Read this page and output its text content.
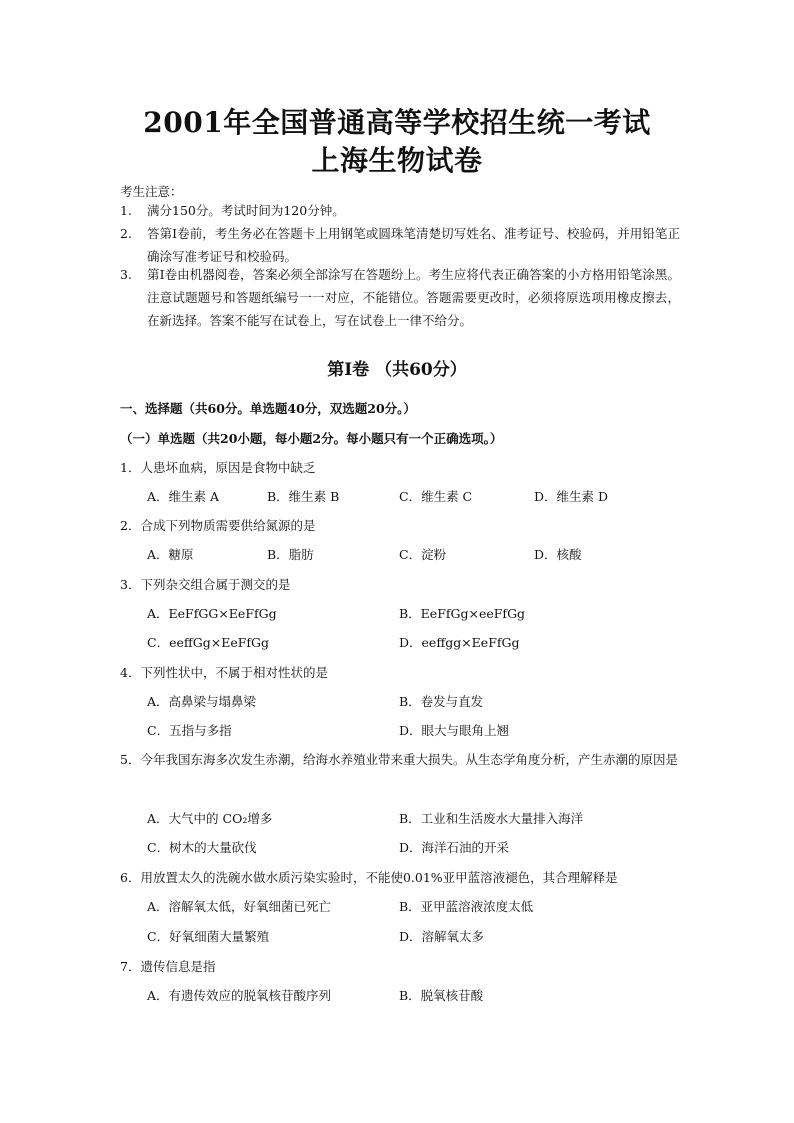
2001年全国普通高等学校招生统一考试
上海生物试卷
考生注意：
1.	满分150分。考试时间为120分钟。
2.	答第Ⅰ卷前，考生务必在答题卡上用钢笔或圆珠笔清楚切写姓名、准考证号、校验码，并用铅笔正确涂写准考证号和校验码。
3.	第Ⅰ卷由机器阅卷，答案必须全部涂写在答题纷上。考生应将代表正确答案的小方格用铅笔涂黑。注意试题题号和答题纸编号一一对应，不能错位。答题需要更改时，必须将原选项用橡皮擦去，在新选择。答案不能写在试卷上，写在试卷上一律不给分。
第Ⅰ卷 （共60分）
一、选择题（共60分。单选题40分，双选题20分。）
（一）单选题（共20小题，每小题2分。每小题只有一个正确选项。）
1．人患坏血病，原因是食物中缺乏
A．维生素 A	B．维生素 B	C．维生素 C	D．维生素 D
2．合成下列物质需要供给氮源的是
A．糖原	B．脂肪	C．淀粉	D．核酸
3．下列杂交组合属于测交的是
A．EeFfGG×EeFfGg	B．EeFfGg×eeFfGg
C．eeffGg×EeFfGg	D．eeffgg×EeFfGg
4．下列性状中，不属于相对性状的是
A．高鼻梁与塌鼻梁	B．卷发与直发
C．五指与多指	D．眼大与眼角上翘
5．今年我国东海多次发生赤潮，给海水养殖业带来重大损失。从生态学角度分析，产生赤潮的原因是
A．大气中的 CO₂增多	B．工业和生活废水大量排入海洋
C．树木的大量砍伐	D．海洋石油的开采
6．用放置太久的洗碗水做水质污染实验时，不能使0.01%亚甲蓝溶液褪色，其合理解释是
A．溶解氧太低，好氧细菌已死亡	B．亚甲蓝溶液浓度太低
C．好氧细菌大量繁殖	D．溶解氧太多
7．遗传信息是指
A．有遗传效应的脱氧核苷酸序列	B．脱氧核苷酸
